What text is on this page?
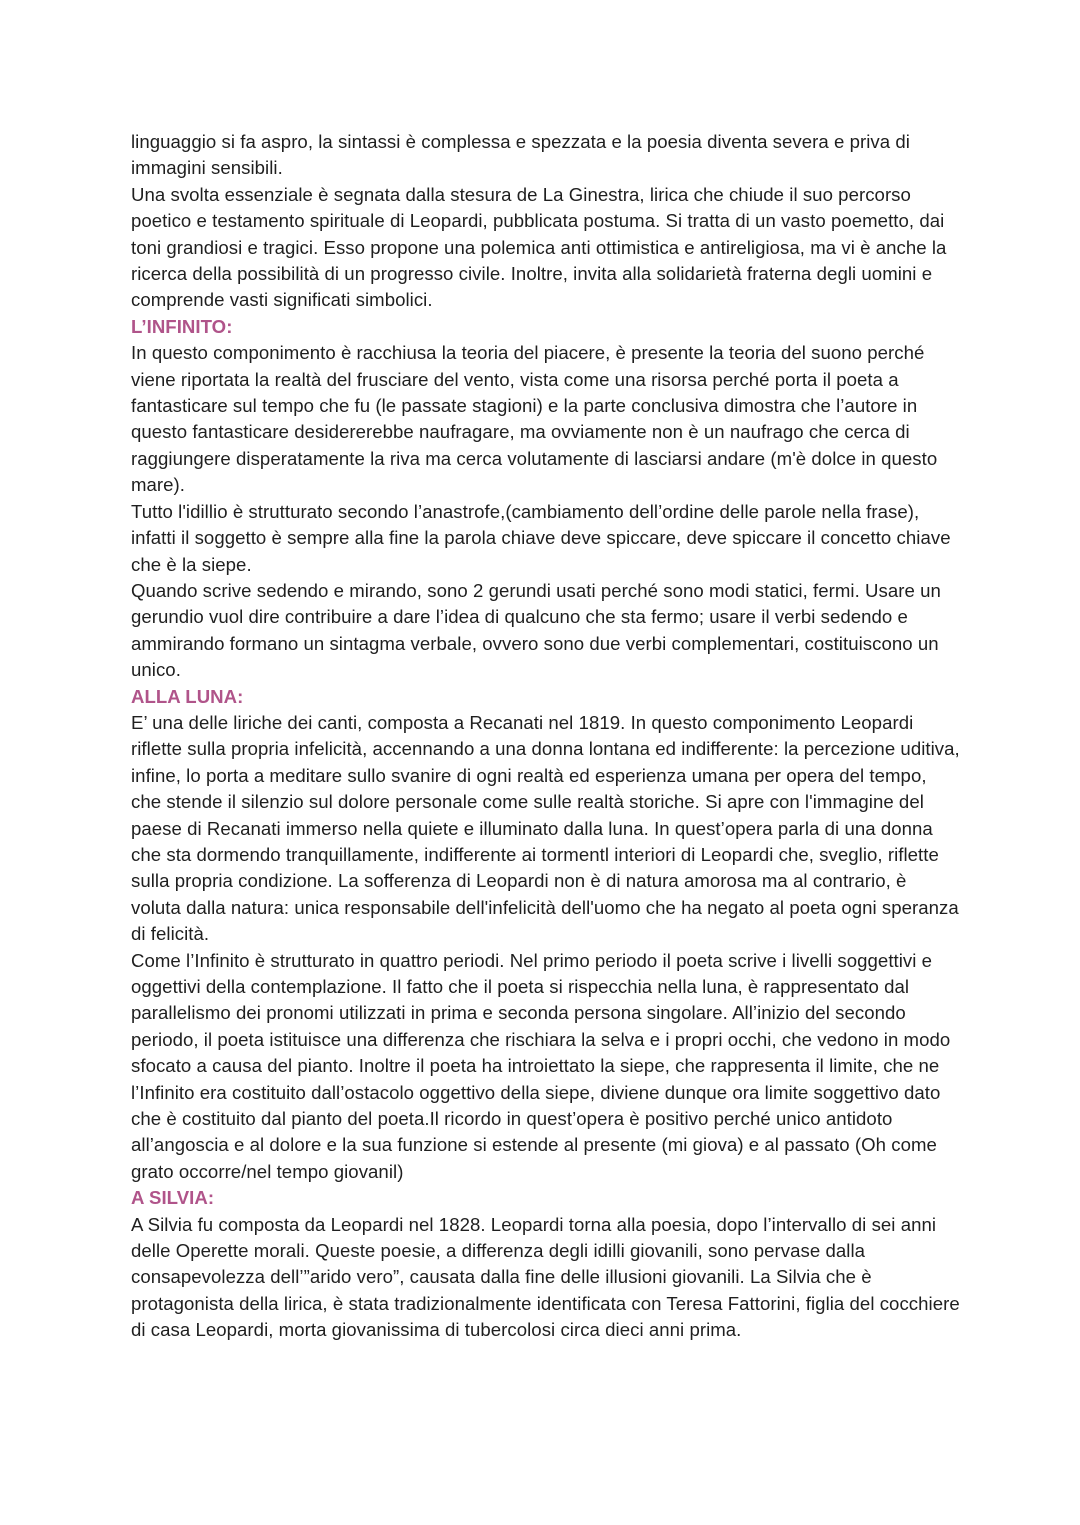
linguaggio si fa aspro, la sintassi è complessa e spezzata e la poesia diventa severa e priva di immagini sensibili.

Una svolta essenziale è segnata dalla stesura de La Ginestra, lirica che chiude il suo percorso poetico e testamento spirituale di Leopardi, pubblicata postuma. Si tratta di un vasto poemetto, dai toni grandiosi e tragici. Esso propone una polemica anti ottimistica e antireligiosa, ma vi è anche la ricerca della possibilità di un progresso civile. Inoltre, invita alla solidarietà fraterna degli uomini e comprende vasti significati simbolici.

L’INFINITO:

In questo componimento è racchiusa la teoria del piacere, è presente la teoria del suono perché viene riportata la realtà del frusciare del vento, vista come una risorsa perché porta il poeta a fantasticare sul tempo che fu (le passate stagioni) e la parte conclusiva dimostra che l’autore in questo fantasticare desidererebbe naufragare, ma ovviamente non è un naufrago che cerca di raggiungere disperatamente la riva ma cerca volutamente di lasciarsi andare (m'è dolce in questo mare).

Tutto l'idillio è strutturato secondo l’anastrofe,(cambiamento dell’ordine delle parole nella frase), infatti il soggetto è sempre alla fine la parola chiave deve spiccare, deve spiccare il concetto chiave che è la siepe.

Quando scrive sedendo e mirando, sono 2 gerundi usati perché sono modi statici, fermi. Usare un gerundio vuol dire contribuire a dare l’idea di qualcuno che sta fermo; usare il verbi sedendo e ammirando formano un sintagma verbale, ovvero sono due verbi complementari, costituiscono un unico.

ALLA LUNA:

E’ una delle liriche dei canti, composta a Recanati nel 1819. In questo componimento Leopardi riflette sulla propria infelicità, accennando a una donna lontana ed indifferente: la percezione uditiva, infine, lo porta a meditare sullo svanire di ogni realtà ed esperienza umana per opera del tempo, che stende il silenzio sul dolore personale come sulle realtà storiche. Si apre con l'immagine del paese di Recanati immerso nella quiete e illuminato dalla luna. In quest’opera parla di una donna che sta dormendo tranquillamente, indifferente ai tormentl interiori di Leopardi che, sveglio, riflette sulla propria condizione. La sofferenza di Leopardi non è di natura amorosa ma al contrario, è voluta dalla natura: unica responsabile dell'infelicità dell'uomo che ha negato al poeta ogni speranza di felicità.

Come l’Infinito è strutturato in quattro periodi. Nel primo periodo il poeta scrive i livelli soggettivi e oggettivi della contemplazione. Il fatto che il poeta si rispecchia nella luna, è rappresentato dal parallelismo dei pronomi utilizzati in prima e seconda persona singolare. All’inizio del secondo periodo, il poeta istituisce una differenza che rischiara la selva e i propri occhi, che vedono in modo sfocato a causa del pianto. Inoltre il poeta ha introiettato la siepe, che rappresenta il limite, che ne l’Infinito era costituito dall’ostacolo oggettivo della siepe, diviene dunque ora limite soggettivo dato che è costituito dal pianto del poeta.Il ricordo in quest’opera è positivo perché unico antidoto all’angoscia e al dolore e la sua funzione si estende al presente (mi giova) e al passato (Oh come grato occorre/nel tempo giovanil)

A SILVIA:

A Silvia fu composta da Leopardi nel 1828. Leopardi torna alla poesia, dopo l’intervallo di sei anni delle Operette morali. Queste poesie, a differenza degli idilli giovanili, sono pervase dalla consapevolezza dell’”arido vero”, causata dalla fine delle illusioni giovanili. La Silvia che è protagonista della lirica, è stata tradizionalmente identificata con Teresa Fattorini, figlia del cocchiere di casa Leopardi, morta giovanissima di tubercolosi circa dieci anni prima.
